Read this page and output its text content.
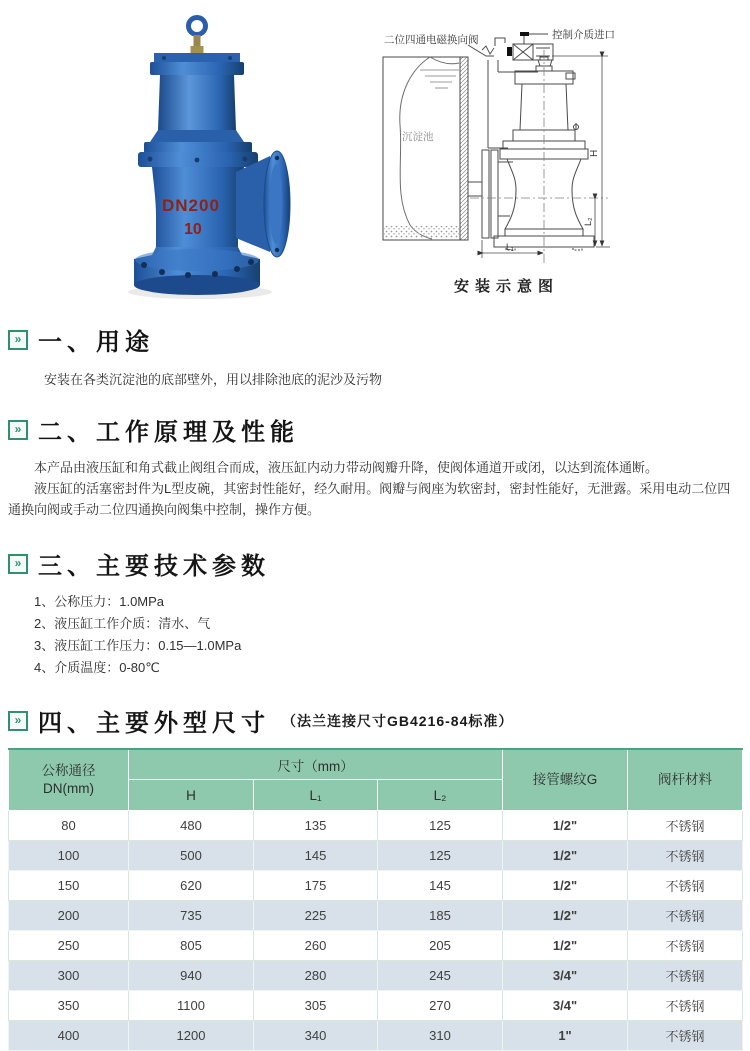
DN200
10
二位四通电磁换向阀	控制介质进口
沉淀池
H
L₂
L₁
安装示意图
» 一、用途
安装在各类沉淀池的底部壁外，用以排除池底的泥沙及污物
» 二、工作原理及性能

本产品由液压缸和角式截止阀组合而成，液压缸内动力带动阀瓣升降，使阀体通道开或闭，以达到流体通断。

液压缸的活塞密封件为L型皮碗，其密封性能好，经久耐用。阀瓣与阀座为软密封，密封性能好，无泄露。采用电动二位四通换向阀或手动二位四通换向阀集中控制，操作方便。

» 三、主要技术参数
1、公称压力：1.0MPa
2、液压缸工作介质：清水、气
3、液压缸工作压力：0.15—1.0MPa
4、介质温度：0-80℃
» 四、主要外型尺寸 （法兰连接尺寸GB4216-84标准）
公称通径
DN(mm)	尺寸（mm）			接管螺纹G	阀杆材料
	H	L₁	L₂		
80	480	135	125	1/2"	不锈钢
100	500	145	125	1/2"	不锈钢
150	620	175	145	1/2"	不锈钢
200	735	225	185	1/2"	不锈钢
250	805	260	205	1/2"	不锈钢
300	940	280	245	3/4"	不锈钢
350	1100	305	270	3/4"	不锈钢
400	1200	340	310	1"	不锈钢
